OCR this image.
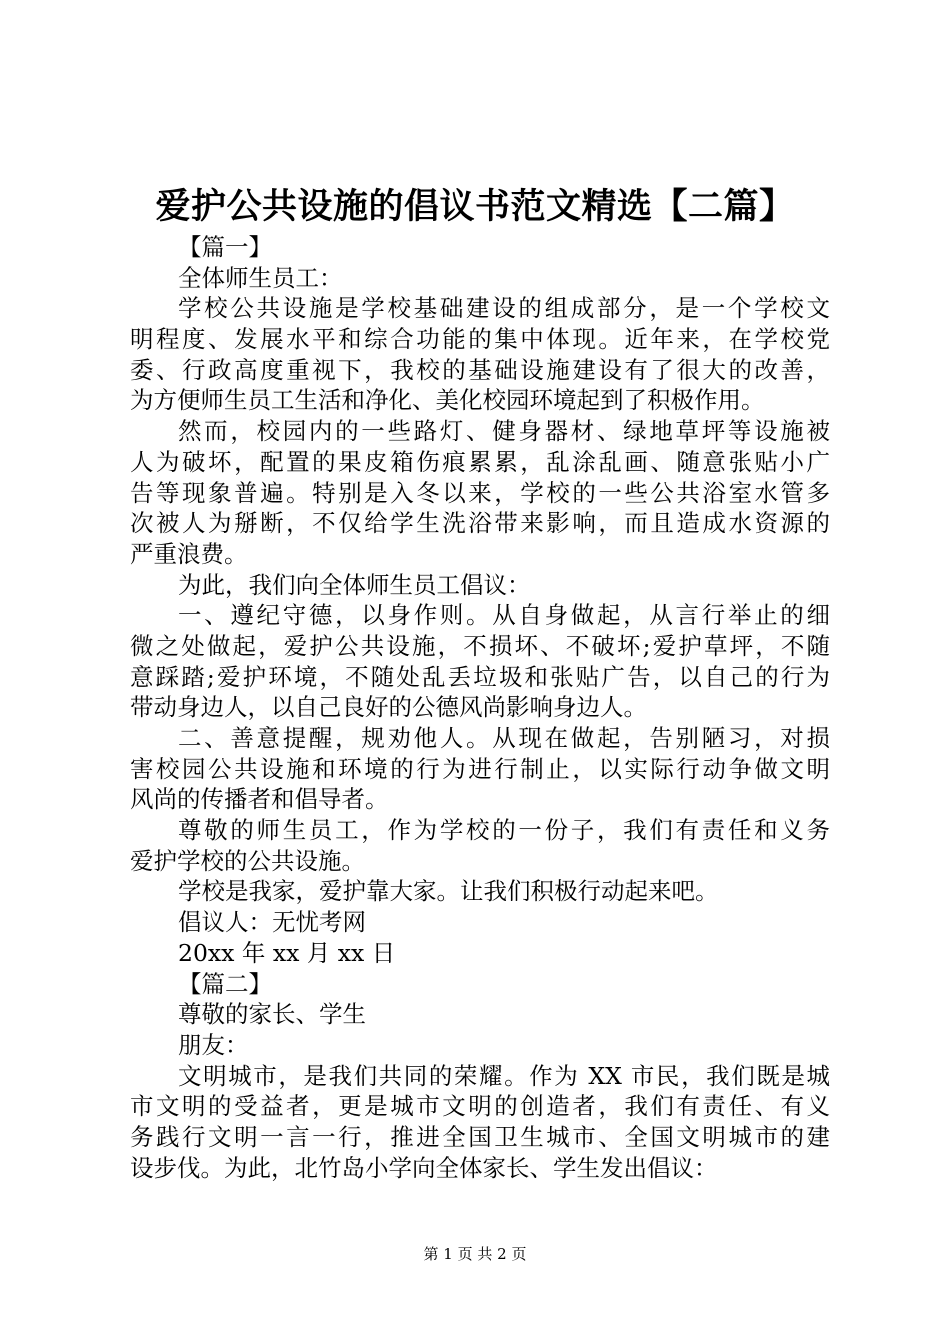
爱护公共设施的倡议书范文精选【二篇】
【篇一】
全体师生员工：
学校公共设施是学校基础建设的组成部分，是一个学校文
明程度、发展水平和综合功能的集中体现。近年来，在学校党
委、行政高度重视下，我校的基础设施建设有了很大的改善，
为方便师生员工生活和净化、美化校园环境起到了积极作用。
然而，校园内的一些路灯、健身器材、绿地草坪等设施被
人为破坏，配置的果皮箱伤痕累累，乱涂乱画、随意张贴小广
告等现象普遍。特别是入冬以来，学校的一些公共浴室水管多
次被人为掰断，不仅给学生洗浴带来影响，而且造成水资源的
严重浪费。
为此，我们向全体师生员工倡议：
一、遵纪守德，以身作则。从自身做起，从言行举止的细
微之处做起，爱护公共设施，不损坏、不破坏;爱护草坪，不随
意踩踏;爱护环境，不随处乱丢垃圾和张贴广告，以自己的行为
带动身边人，以自己良好的公德风尚影响身边人。
二、善意提醒，规劝他人。从现在做起，告别陋习，对损
害校园公共设施和环境的行为进行制止，以实际行动争做文明
风尚的传播者和倡导者。
尊敬的师生员工，作为学校的一份子，我们有责任和义务
爱护学校的公共设施。
学校是我家，爱护靠大家。让我们积极行动起来吧。
倡议人：无忧考网
20xx 年 xx 月 xx 日
【篇二】
尊敬的家长、学生
朋友：
文明城市，是我们共同的荣耀。作为 XX 市民，我们既是城
市文明的受益者，更是城市文明的创造者，我们有责任、有义
务践行文明一言一行，推进全国卫生城市、全国文明城市的建
设步伐。为此，北竹岛小学向全体家长、学生发出倡议：
第 1 页 共 2 页
